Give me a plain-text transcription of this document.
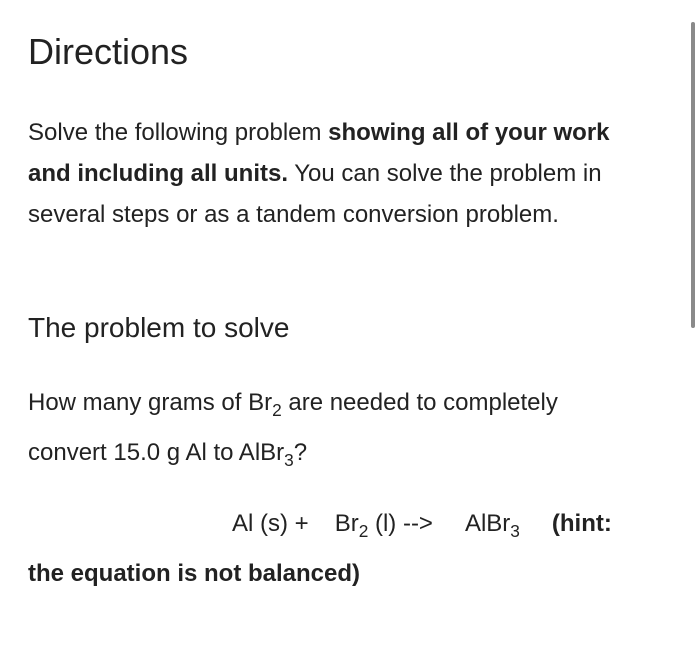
Directions

Solve the following problem showing all of your work and including all units. You can solve the problem in several steps or as a tandem conversion problem.

The problem to solve

How many grams of $Br_2$ are needed to completely convert 15.0 g Al to AlBr$_3$?

Al $(s) + Br_2$ (l) --> AlBr$_3$ (hint:
the equation is not balanced)
